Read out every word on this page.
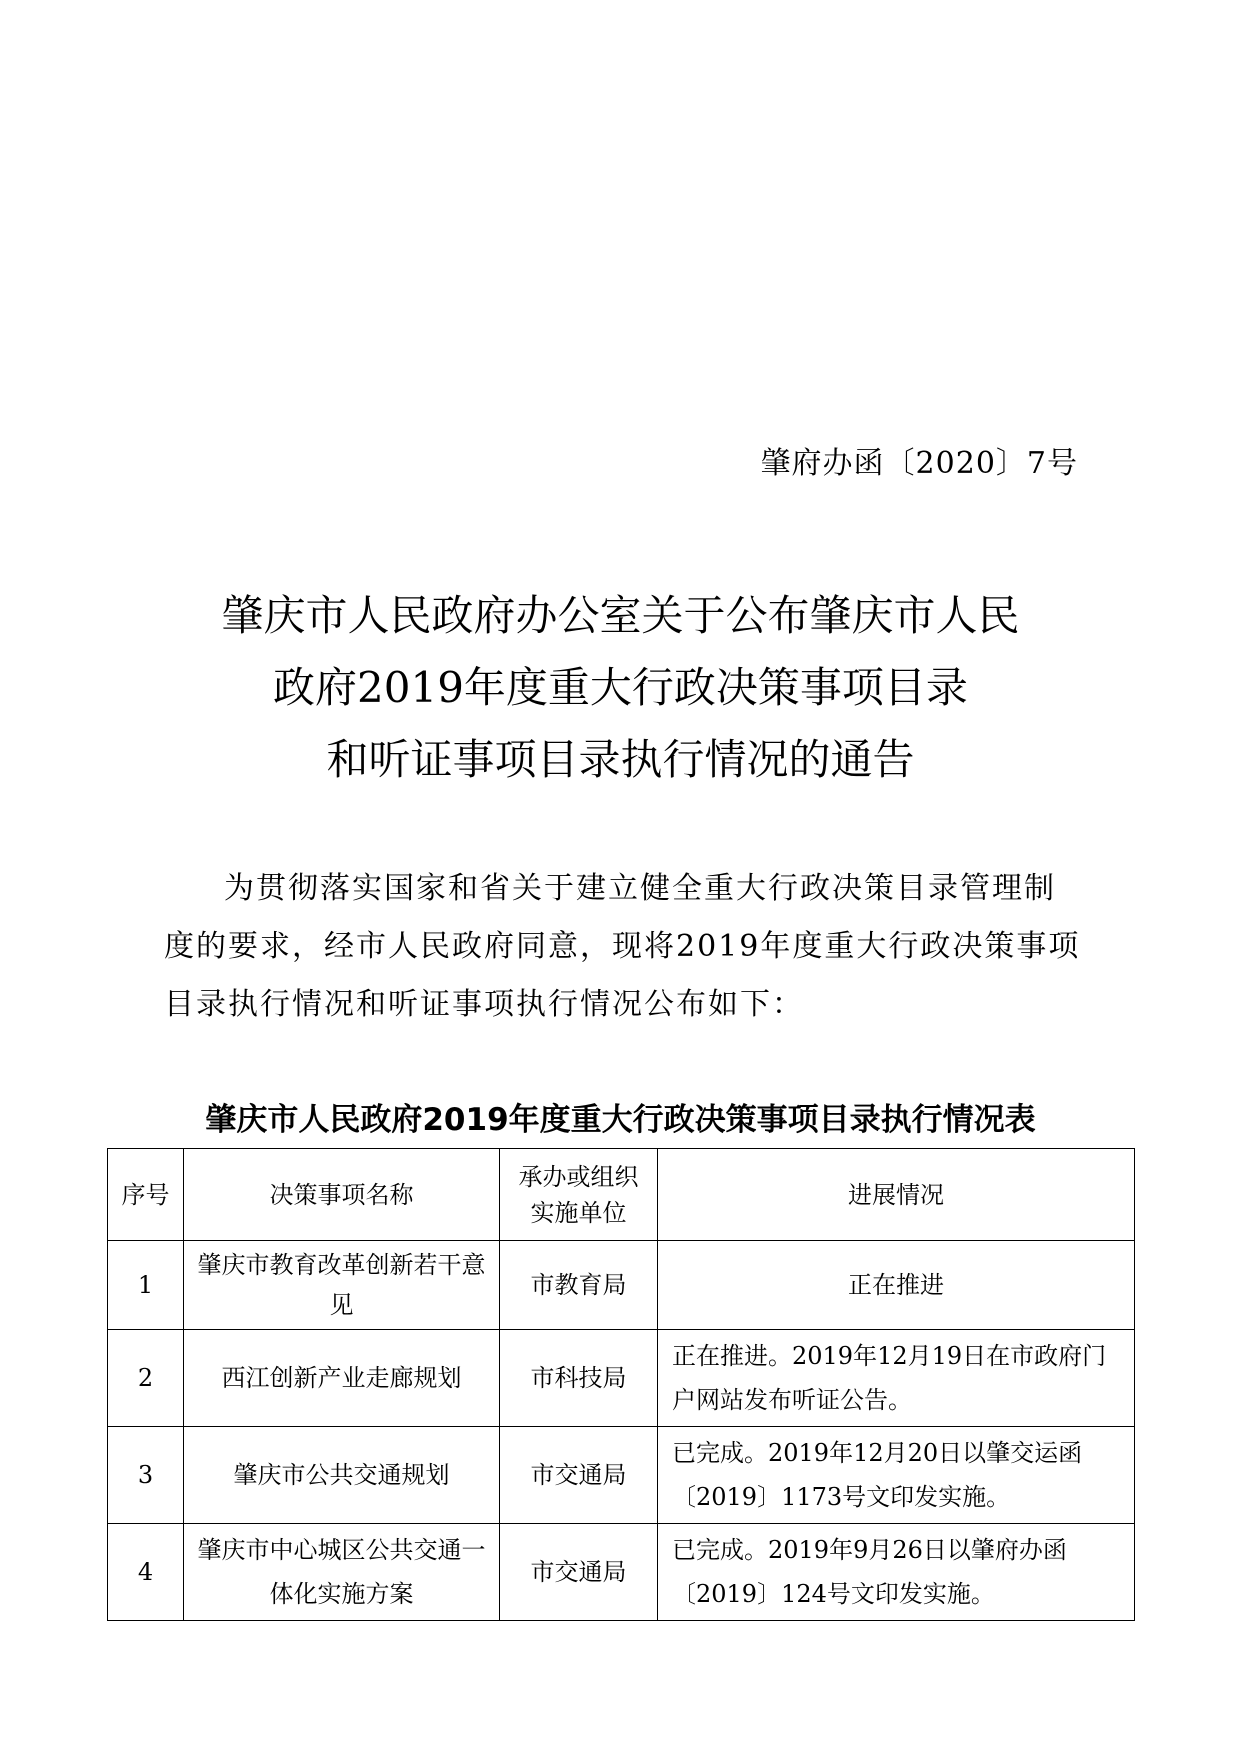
肇府办函〔2020〕7号
肇庆市人民政府办公室关于公布肇庆市人民
政府2019年度重大行政决策事项目录
和听证事项目录执行情况的通告

为贯彻落实国家和省关于建立健全重大行政决策目录管理制度的要求，经市人民政府同意，现将2019年度重大行政决策事项目录执行情况和听证事项执行情况公布如下：

肇庆市人民政府2019年度重大行政决策事项目录执行情况表
序号	决策事项名称	承办或组织实施单位	进展情况
1	肇庆市教育改革创新若干意见	市教育局	正在推进
2	西江创新产业走廊规划	市科技局	正在推进。2019年12月19日在市政府门户网站发布听证公告。
3	肇庆市公共交通规划	市交通局	已完成。2019年12月20日以肇交运函〔2019〕1173号文印发实施。
4	肇庆市中心城区公共交通一体化实施方案	市交通局	已完成。2019年9月26日以肇府办函〔2019〕124号文印发实施。
